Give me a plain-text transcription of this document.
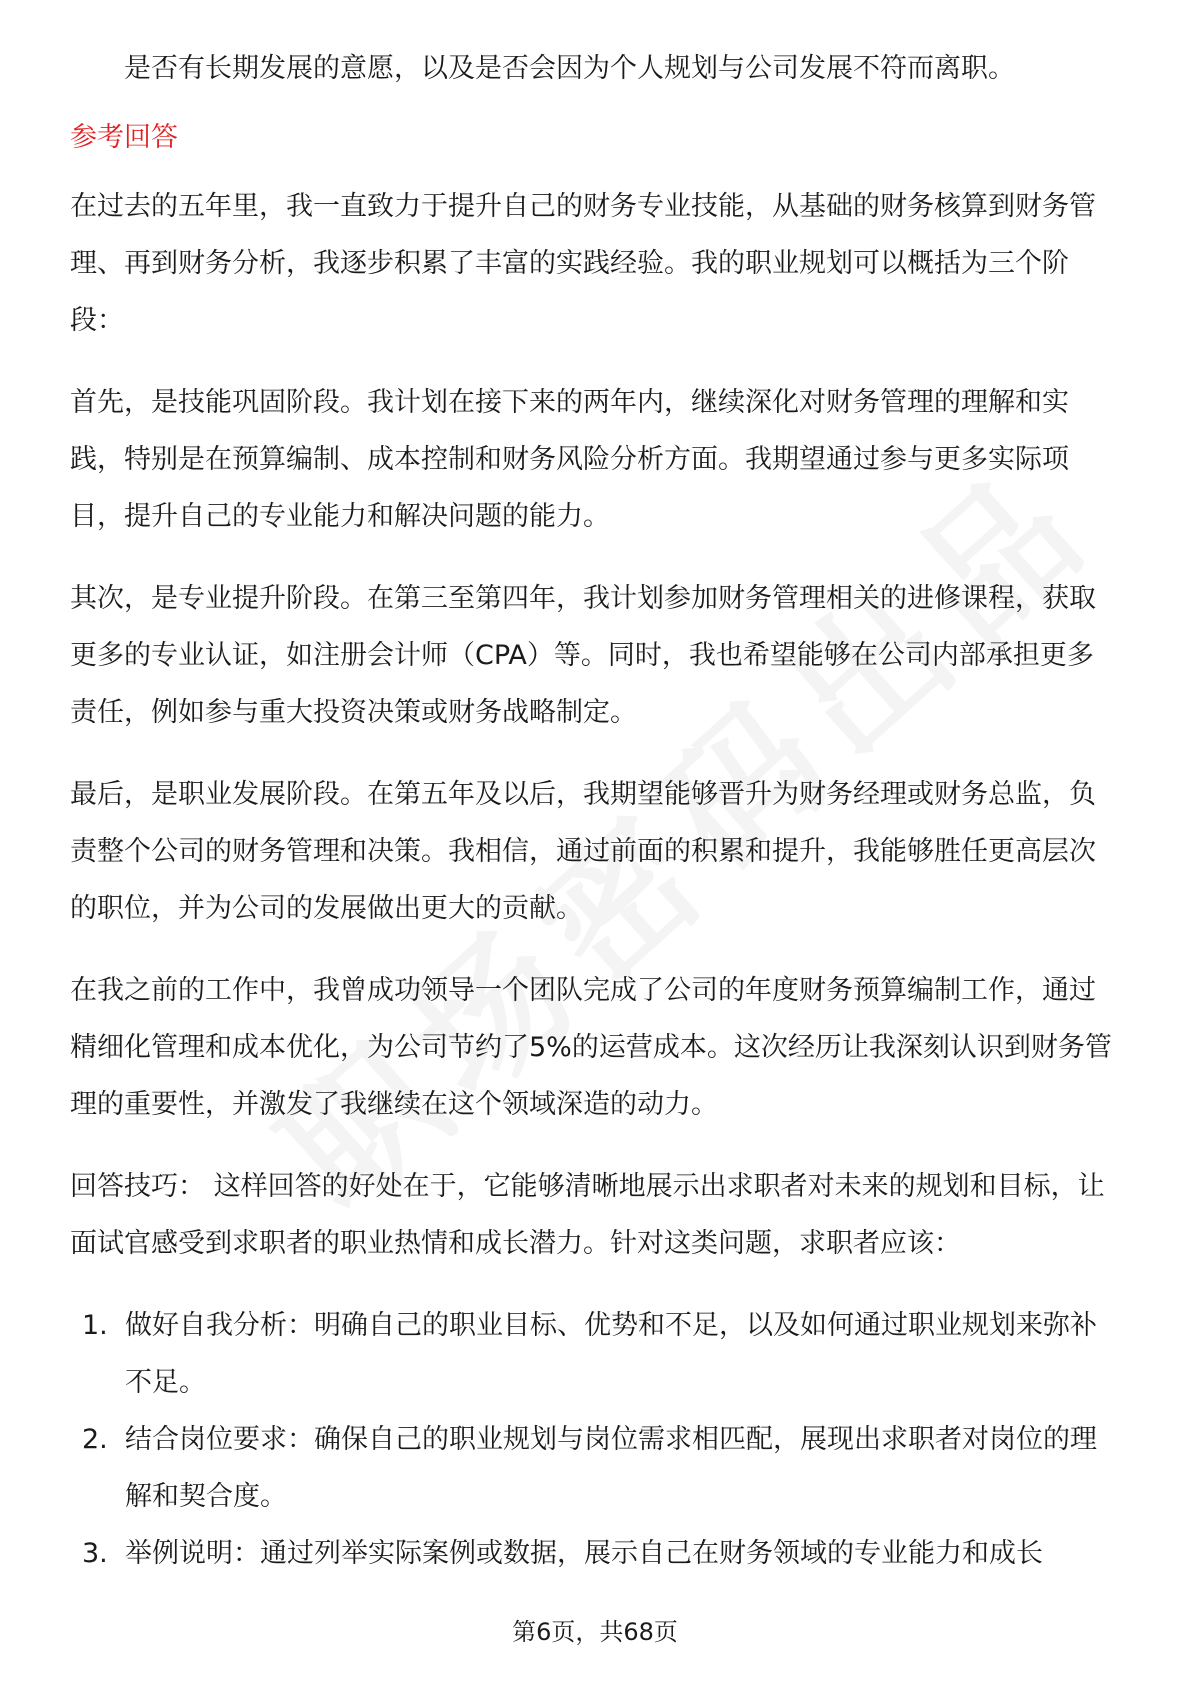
是否有长期发展的意愿，以及是否会因为个人规划与公司发展不符而离职。

参考回答

在过去的五年里，我一直致力于提升自己的财务专业技能，从基础的财务核算到财务管理、再到财务分析，我逐步积累了丰富的实践经验。我的职业规划可以概括为三个阶段：

首先，是技能巩固阶段。我计划在接下来的两年内，继续深化对财务管理的理解和实践，特别是在预算编制、成本控制和财务风险分析方面。我期望通过参与更多实际项目，提升自己的专业能力和解决问题的能力。

其次，是专业提升阶段。在第三至第四年，我计划参加财务管理相关的进修课程，获取更多的专业认证，如注册会计师（CPA）等。同时，我也希望能够在公司内部承担更多责任，例如参与重大投资决策或财务战略制定。

最后，是职业发展阶段。在第五年及以后，我期望能够晋升为财务经理或财务总监，负责整个公司的财务管理和决策。我相信，通过前面的积累和提升，我能够胜任更高层次的职位，并为公司的发展做出更大的贡献。

在我之前的工作中，我曾成功领导一个团队完成了公司的年度财务预算编制工作，通过精细化管理和成本优化，为公司节约了5%的运营成本。这次经历让我深刻认识到财务管理的重要性，并激发了我继续在这个领域深造的动力。

回答技巧： 这样回答的好处在于，它能够清晰地展示出求职者对未来的规划和目标，让面试官感受到求职者的职业热情和成长潜力。针对这类问题，求职者应该：

1. 做好自我分析：明确自己的职业目标、优势和不足，以及如何通过职业规划来弥补不足。
2. 结合岗位要求：确保自己的职业规划与岗位需求相匹配，展现出求职者对岗位的理解和契合度。
3. 举例说明：通过列举实际案例或数据，展示自己在财务领域的专业能力和成长
第6页，共68页
